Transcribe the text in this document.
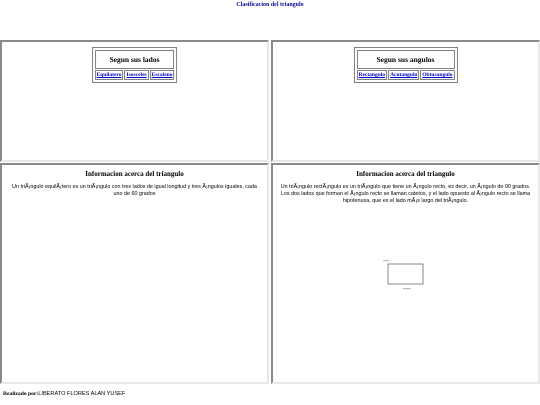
Clasificacion del triangulo
Segun sus lados
Equilatero	Isosceles	Escaleno
Segun sus angulos
Rectangulo	Acutangulo	Obtusangulo
Informacion acerca del triangulo
Un triÃ¡ngulo equilÃ¡tero es un triÃ¡ngulo con tres lados de igual longitud y tres Ã¡ngulos iguales, cada uno de 60 grados
Informacion acerca del triangulo
Un triÃ¡ngulo rectÃ¡ngulo es un triÃ¡ngulo que tiene un Ã¡ngulo recto, es decir, un Ã¡ngulo de 90 grados. Los dos lados que forman el Ã¡ngulo recto se llaman catetos, y el lado opuesto al Ã¡ngulo recto se llama hipotenusa, que es el lado mÃ¡s largo del triÃ¡ngulo.
Realizado por:LIBERATO FLORES ALAN YUSEF
